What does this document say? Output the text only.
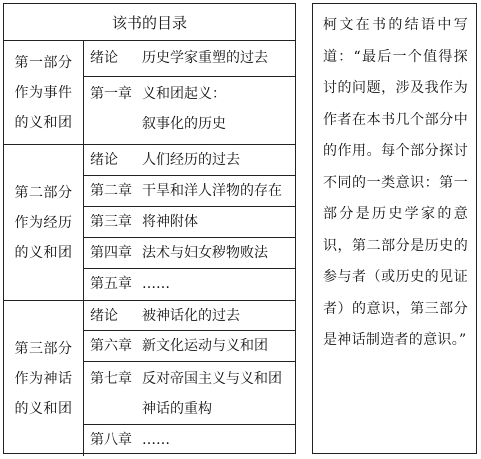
该书的目录
第一部分
作为事件
的义和团
绪论	历史学家重塑的过去
第一章 义和团起义：
叙事化的历史
第二部分
作为经历
的义和团
绪论	人们经历的过去
第二章 干旱和洋人洋物的存在
第三章 将神附体
第四章 法术与妇女秽物败法
第五章 ……
第三部分
作为神话
的义和团
绪论	被神话化的过去
第六章 新文化运动与义和团
第七章 反对帝国主义与义和团
神话的重构
第八章 ……
柯文在书的结语中写道：“最后一个值得探讨的问题，涉及我作为作者在本书几个部分中的作用。每个部分探讨不同的一类意识：第一部分是历史学家的意识，第二部分是历史的参与者（或历史的见证者）的意识，第三部分是神话制造者的意识。”
